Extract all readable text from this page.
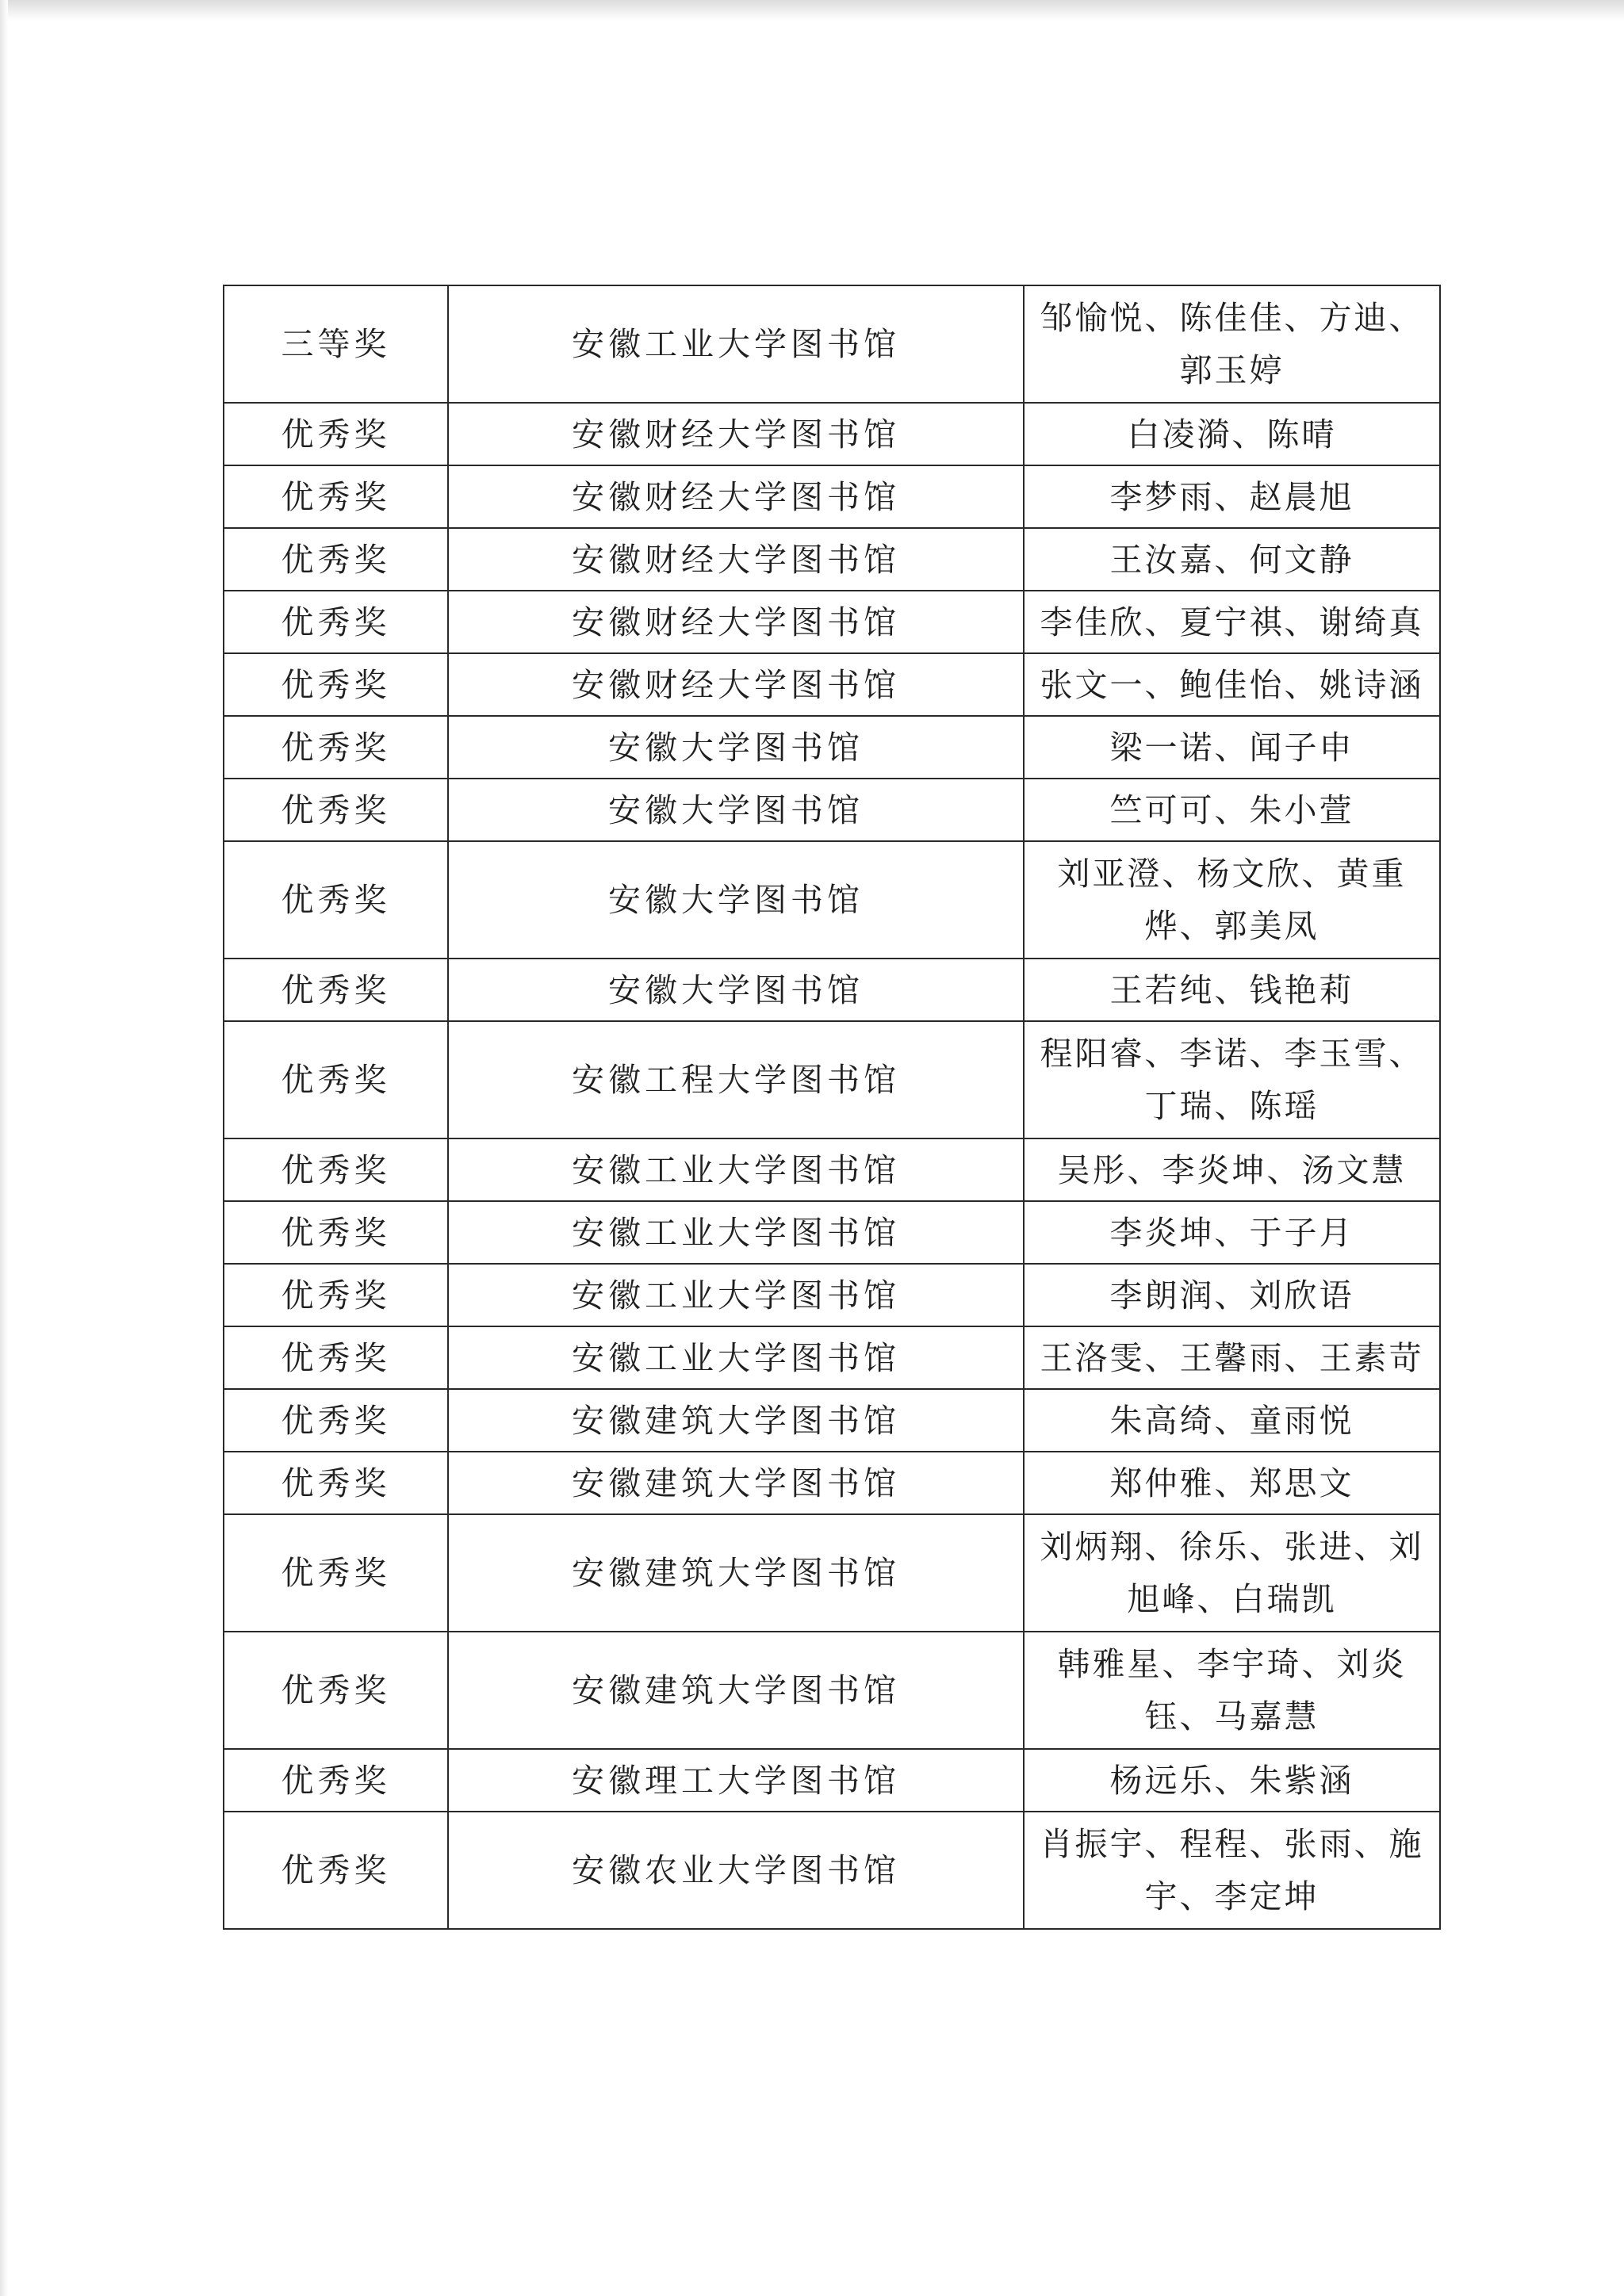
三等奖	安徽工业大学图书馆	邹愉悦、陈佳佳、方迪、郭玉婷
优秀奖	安徽财经大学图书馆	白凌漪、陈晴
优秀奖	安徽财经大学图书馆	李梦雨、赵晨旭
优秀奖	安徽财经大学图书馆	王汝嘉、何文静
优秀奖	安徽财经大学图书馆	李佳欣、夏宁祺、谢绮真
优秀奖	安徽财经大学图书馆	张文一、鲍佳怡、姚诗涵
优秀奖	安徽大学图书馆	梁一诺、闻子申
优秀奖	安徽大学图书馆	竺可可、朱小萱
优秀奖	安徽大学图书馆	刘亚澄、杨文欣、黄重烨、郭美凤
优秀奖	安徽大学图书馆	王若纯、钱艳莉
优秀奖	安徽工程大学图书馆	程阳睿、李诺、李玉雪、丁瑞、陈瑶
优秀奖	安徽工业大学图书馆	吴彤、李炎坤、汤文慧
优秀奖	安徽工业大学图书馆	李炎坤、于子月
优秀奖	安徽工业大学图书馆	李朗润、刘欣语
优秀奖	安徽工业大学图书馆	王洛雯、王馨雨、王素苛
优秀奖	安徽建筑大学图书馆	朱高绮、童雨悦
优秀奖	安徽建筑大学图书馆	郑仲雅、郑思文
优秀奖	安徽建筑大学图书馆	刘炳翔、徐乐、张进、刘旭峰、白瑞凯
优秀奖	安徽建筑大学图书馆	韩雅星、李宇琦、刘炎钰、马嘉慧
优秀奖	安徽理工大学图书馆	杨远乐、朱紫涵
优秀奖	安徽农业大学图书馆	肖振宇、程程、张雨、施宇、李定坤
